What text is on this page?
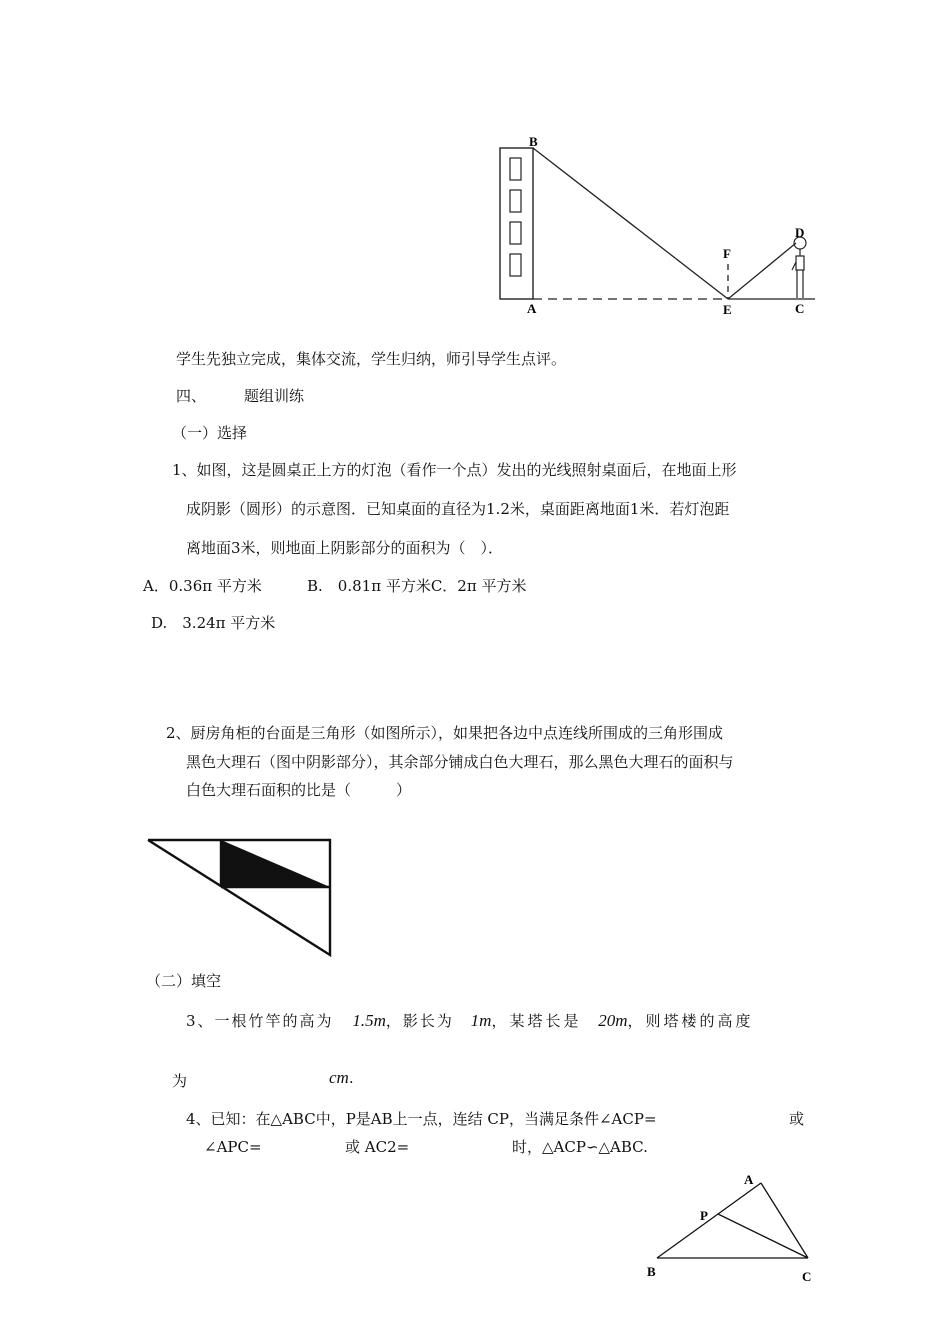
B
A	E	C
D
F
学生先独立完成，集体交流，学生归纳，师引导学生点评。
四、	题组训练
（一）选择
1、如图，这是圆桌正上方的灯泡（看作一个点）发出的光线照射桌面后，在地面上形
成阴影（圆形）的示意图．已知桌面的直径为1.2米，桌面距离地面1米．若灯泡距
离地面3米，则地面上阴影部分的面积为（　）．
A．0.36π 平方米	B.　0.81π 平方米C．2π 平方米
D.　3.24π 平方米
2、厨房角柜的台面是三角形（如图所示），如果把各边中点连线所围成的三角形围成
黑色大理石（图中阴影部分），其余部分铺成白色大理石，那么黑色大理石的面积与
白色大理石面积的比是（　　　）
（二）填空
3、一根竹竿的高为 1.5m，影长为 1m，某塔长是 20m，则塔楼的高度
为	cm.
4、已知：在△ABC中，P是AB上一点，连结 CP，当满足条件∠ACP=	或
∠APC=	或 AC2=	时，△ACP∽△ABC.
A
P
B	C
